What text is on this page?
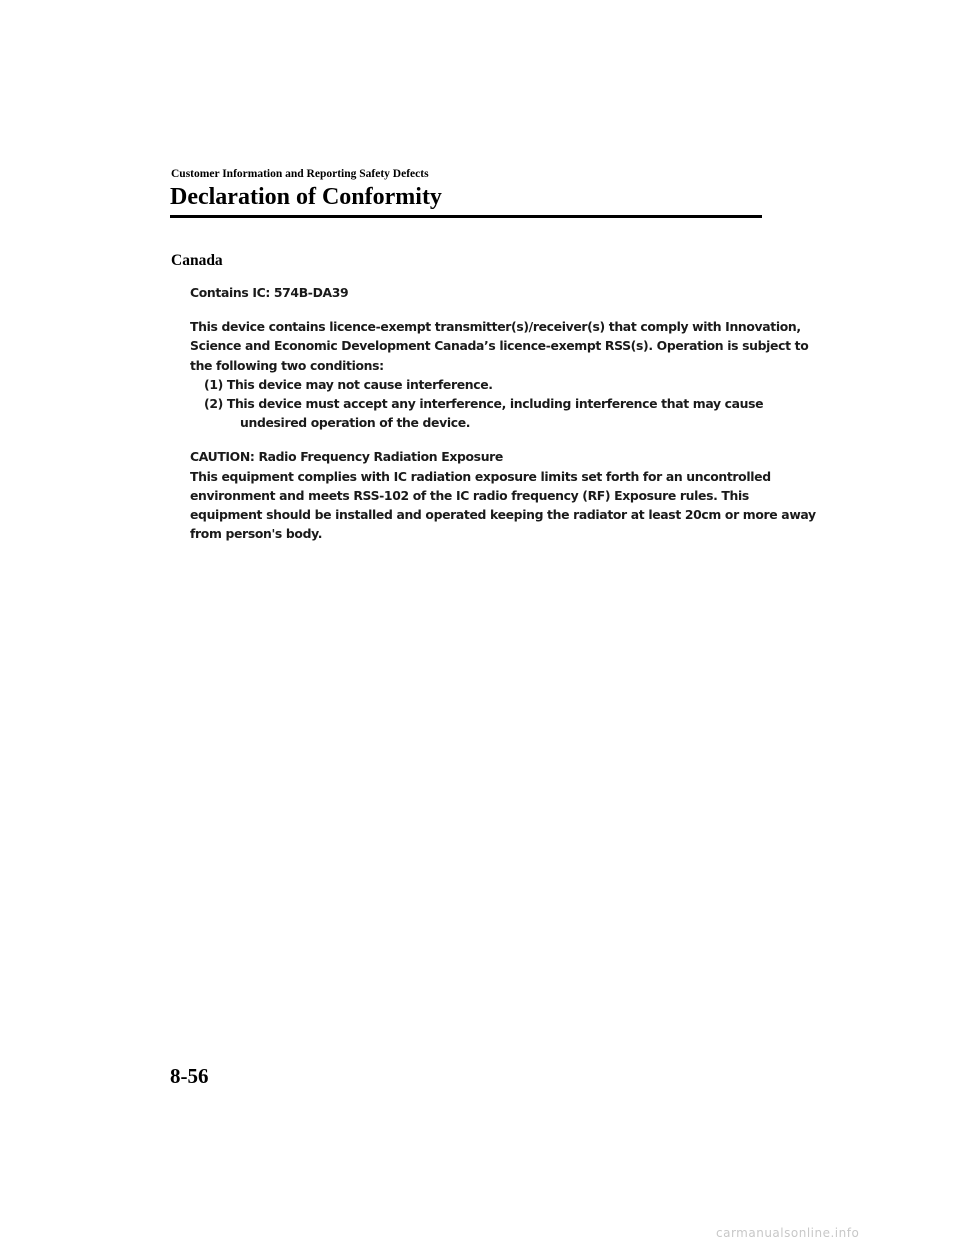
Customer Information and Reporting Safety Defects
Declaration of Conformity
Canada
Contains IC: 574B-DA39
This device contains licence-exempt transmitter(s)/receiver(s) that comply with Innovation,
Science and Economic Development Canada’s licence-exempt RSS(s). Operation is subject to
the following two conditions:
(1) This device may not cause interference.
(2) This device must accept any interference, including interference that may cause
undesired operation of the device.
CAUTION: Radio Frequency Radiation Exposure
This equipment complies with IC radiation exposure limits set forth for an uncontrolled
environment and meets RSS-102 of the IC radio frequency (RF) Exposure rules. This
equipment should be installed and operated keeping the radiator at least 20cm or more away
from person's body.
8-56
carmanualsonline.info
